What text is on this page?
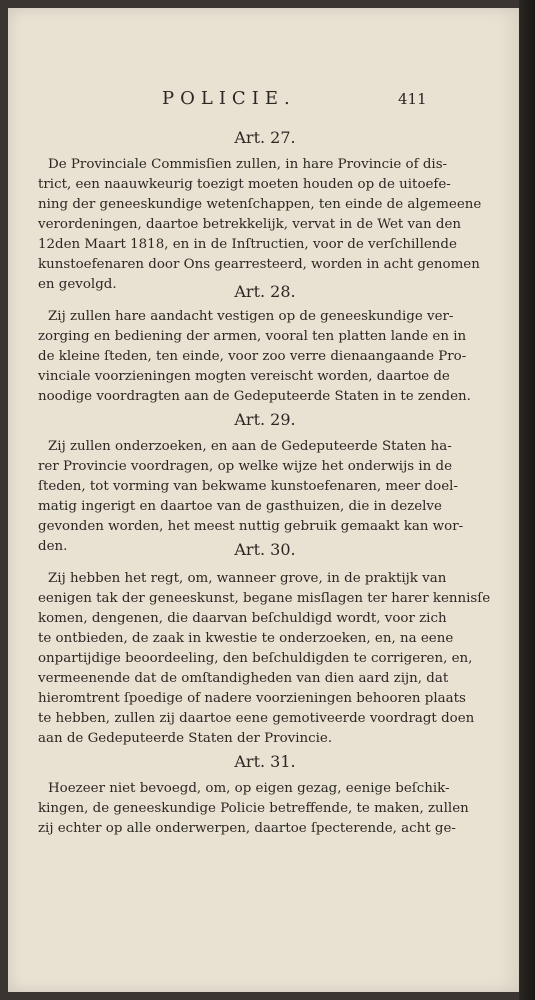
POLICIE.	411
Art. 27.
De Provinciale Commisſien zullen, in hare Provincie of dis-
trict, een naauwkeurig toezigt moeten houden op de uitoefe-
ning der geneeskundige wetenſchappen, ten einde de algemeene
verordeningen, daartoe betrekkelijk, vervat in de Wet van den
12den Maart 1818, en in de Inſtructien, voor de verſchillende
kunstoefenaren door Ons gearresteerd, worden in acht genomen
en gevolgd.	Art. 28.
Zij zullen hare aandacht vestigen op de geneeskundige ver-
zorging en bediening der armen, vooral ten platten lande en in
de kleine ſteden, ten einde, voor zoo verre dienaangaande Pro-
vinciale voorzieningen mogten vereischt worden, daartoe de
noodige voordragten aan de Gedeputeerde Staten in te zenden.
Art. 29.
Zij zullen onderzoeken, en aan de Gedeputeerde Staten ha-
rer Provincie voordragen, op welke wijze het onderwijs in de
ſteden, tot vorming van bekwame kunstoefenaren, meer doel-
matig ingerigt en daartoe van de gasthuizen, die in dezelve
gevonden worden, het meest nuttig gebruik gemaakt kan wor-
den.	Art. 30.
Zij hebben het regt, om, wanneer grove, in de praktijk van
eenigen tak der geneeskunst, begane misſlagen ter harer kennisſe
komen, dengenen, die daarvan beſchuldigd wordt, voor zich
te ontbieden, de zaak in kwestie te onderzoeken, en, na eene
onpartijdige beoordeeling, den beſchuldigden te corrigeren, en,
vermeenende dat de omſtandigheden van dien aard zijn, dat
hieromtrent ſpoedige of nadere voorzieningen behooren plaats
te hebben, zullen zij daartoe eene gemotiveerde voordragt doen
aan de Gedeputeerde Staten der Provincie.
Art. 31.
Hoezeer niet bevoegd, om, op eigen gezag, eenige beſchik-
kingen, de geneeskundige Policie betreffende, te maken, zullen
zij echter op alle onderwerpen, daartoe ſpecterende, acht ge-
